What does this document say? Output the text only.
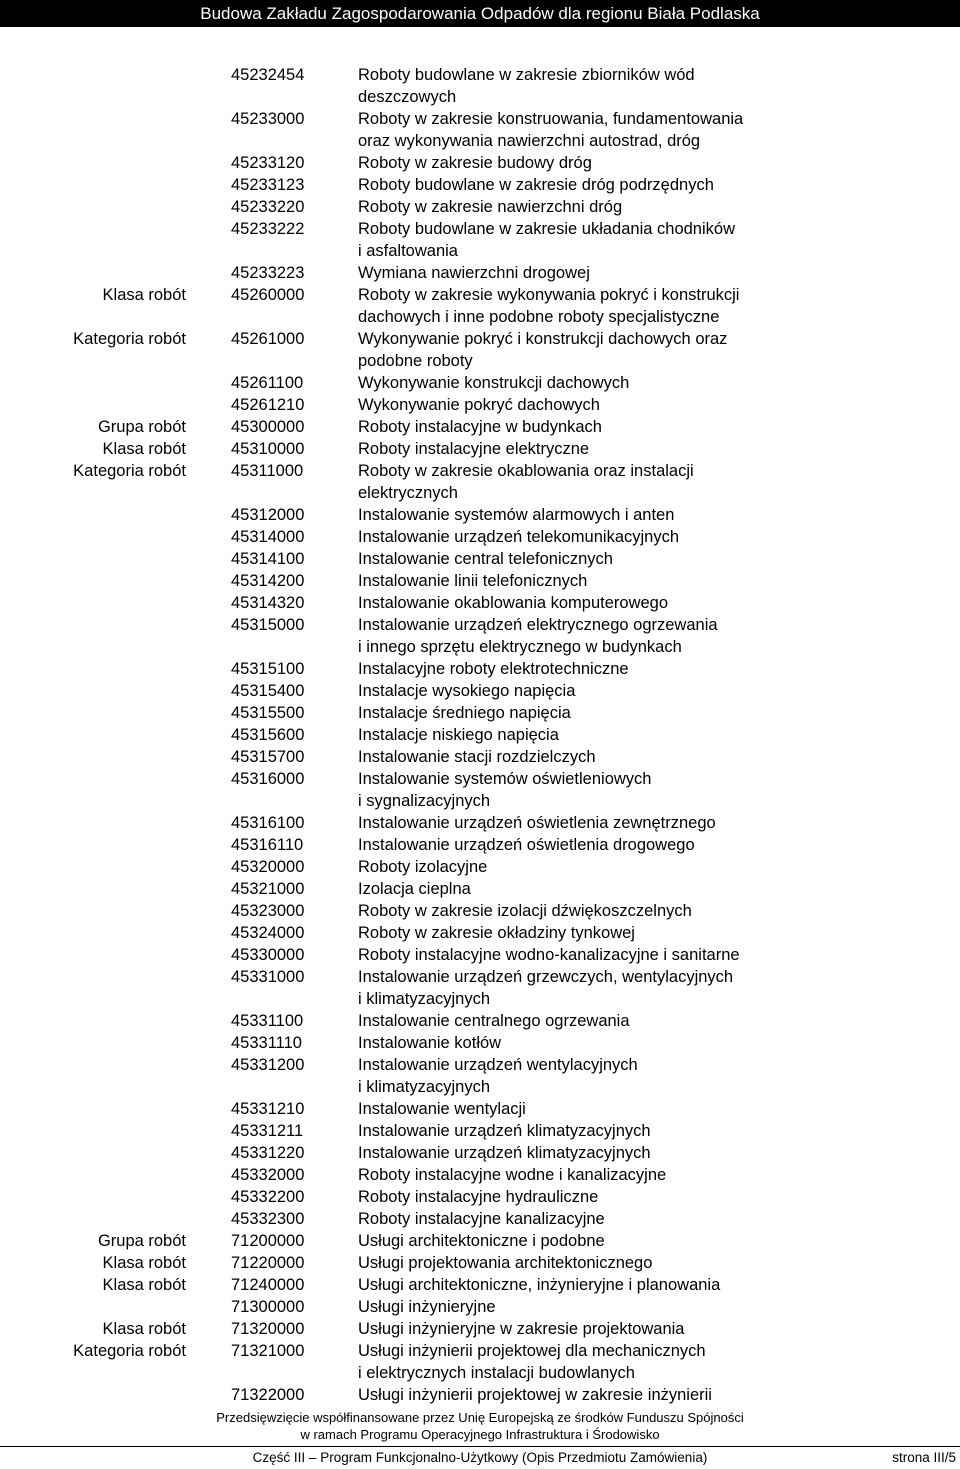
Budowa Zakładu Zagospodarowania Odpadów dla regionu Biała Podlaska
45232454	Roboty budowlane w zakresie zbiorników wód
deszczowych
45233000	Roboty w zakresie konstruowania, fundamentowania
oraz wykonywania nawierzchni autostrad, dróg
45233120	Roboty w zakresie budowy dróg
45233123	Roboty budowlane w zakresie dróg podrzędnych
45233220	Roboty w zakresie nawierzchni dróg
45233222	Roboty budowlane w zakresie układania chodników
i asfaltowania
45233223	Wymiana nawierzchni drogowej
Klasa robót	45260000	Roboty w zakresie wykonywania pokryć i konstrukcji
dachowych i inne podobne roboty specjalistyczne
Kategoria robót	45261000	Wykonywanie pokryć i konstrukcji dachowych oraz
podobne roboty
45261100	Wykonywanie konstrukcji dachowych
45261210	Wykonywanie pokryć dachowych
Grupa robót	45300000	Roboty instalacyjne w budynkach
Klasa robót	45310000	Roboty instalacyjne elektryczne
Kategoria robót	45311000	Roboty w zakresie okablowania oraz instalacji
elektrycznych
45312000	Instalowanie systemów alarmowych i anten
45314000	Instalowanie urządzeń telekomunikacyjnych
45314100	Instalowanie central telefonicznych
45314200	Instalowanie linii telefonicznych
45314320	Instalowanie okablowania komputerowego
45315000	Instalowanie urządzeń elektrycznego ogrzewania
i innego sprzętu elektrycznego w budynkach
45315100	Instalacyjne roboty elektrotechniczne
45315400	Instalacje wysokiego napięcia
45315500	Instalacje średniego napięcia
45315600	Instalacje niskiego napięcia
45315700	Instalowanie stacji rozdzielczych
45316000	Instalowanie systemów oświetleniowych
i sygnalizacyjnych
45316100	Instalowanie urządzeń oświetlenia zewnętrznego
45316110	Instalowanie urządzeń oświetlenia drogowego
45320000	Roboty izolacyjne
45321000	Izolacja cieplna
45323000	Roboty w zakresie izolacji dźwiękoszczelnych
45324000	Roboty w zakresie okładziny tynkowej
45330000	Roboty instalacyjne wodno-kanalizacyjne i sanitarne
45331000	Instalowanie urządzeń grzewczych, wentylacyjnych
i klimatyzacyjnych
45331100	Instalowanie centralnego ogrzewania
45331110	Instalowanie kotłów
45331200	Instalowanie urządzeń wentylacyjnych
i klimatyzacyjnych
45331210	Instalowanie wentylacji
45331211	Instalowanie urządzeń klimatyzacyjnych
45331220	Instalowanie urządzeń klimatyzacyjnych
45332000	Roboty instalacyjne wodne i kanalizacyjne
45332200	Roboty instalacyjne hydrauliczne
45332300	Roboty instalacyjne kanalizacyjne
Grupa robót	71200000	Usługi architektoniczne i podobne
Klasa robót	71220000	Usługi projektowania architektonicznego
Klasa robót	71240000	Usługi architektoniczne, inżynieryjne i planowania
71300000	Usługi inżynieryjne
Klasa robót	71320000	Usługi inżynieryjne w zakresie projektowania
Kategoria robót	71321000	Usługi inżynierii projektowej dla mechanicznych
i elektrycznych instalacji budowlanych
71322000	Usługi inżynierii projektowej w zakresie inżynierii
Przedsięwzięcie współfinansowane przez Unię Europejską ze środków Funduszu Spójności
w ramach Programu Operacyjnego Infrastruktura i Środowisko
Część III – Program Funkcjonalno-Użytkowy (Opis Przedmiotu Zamówienia)	strona III/5
